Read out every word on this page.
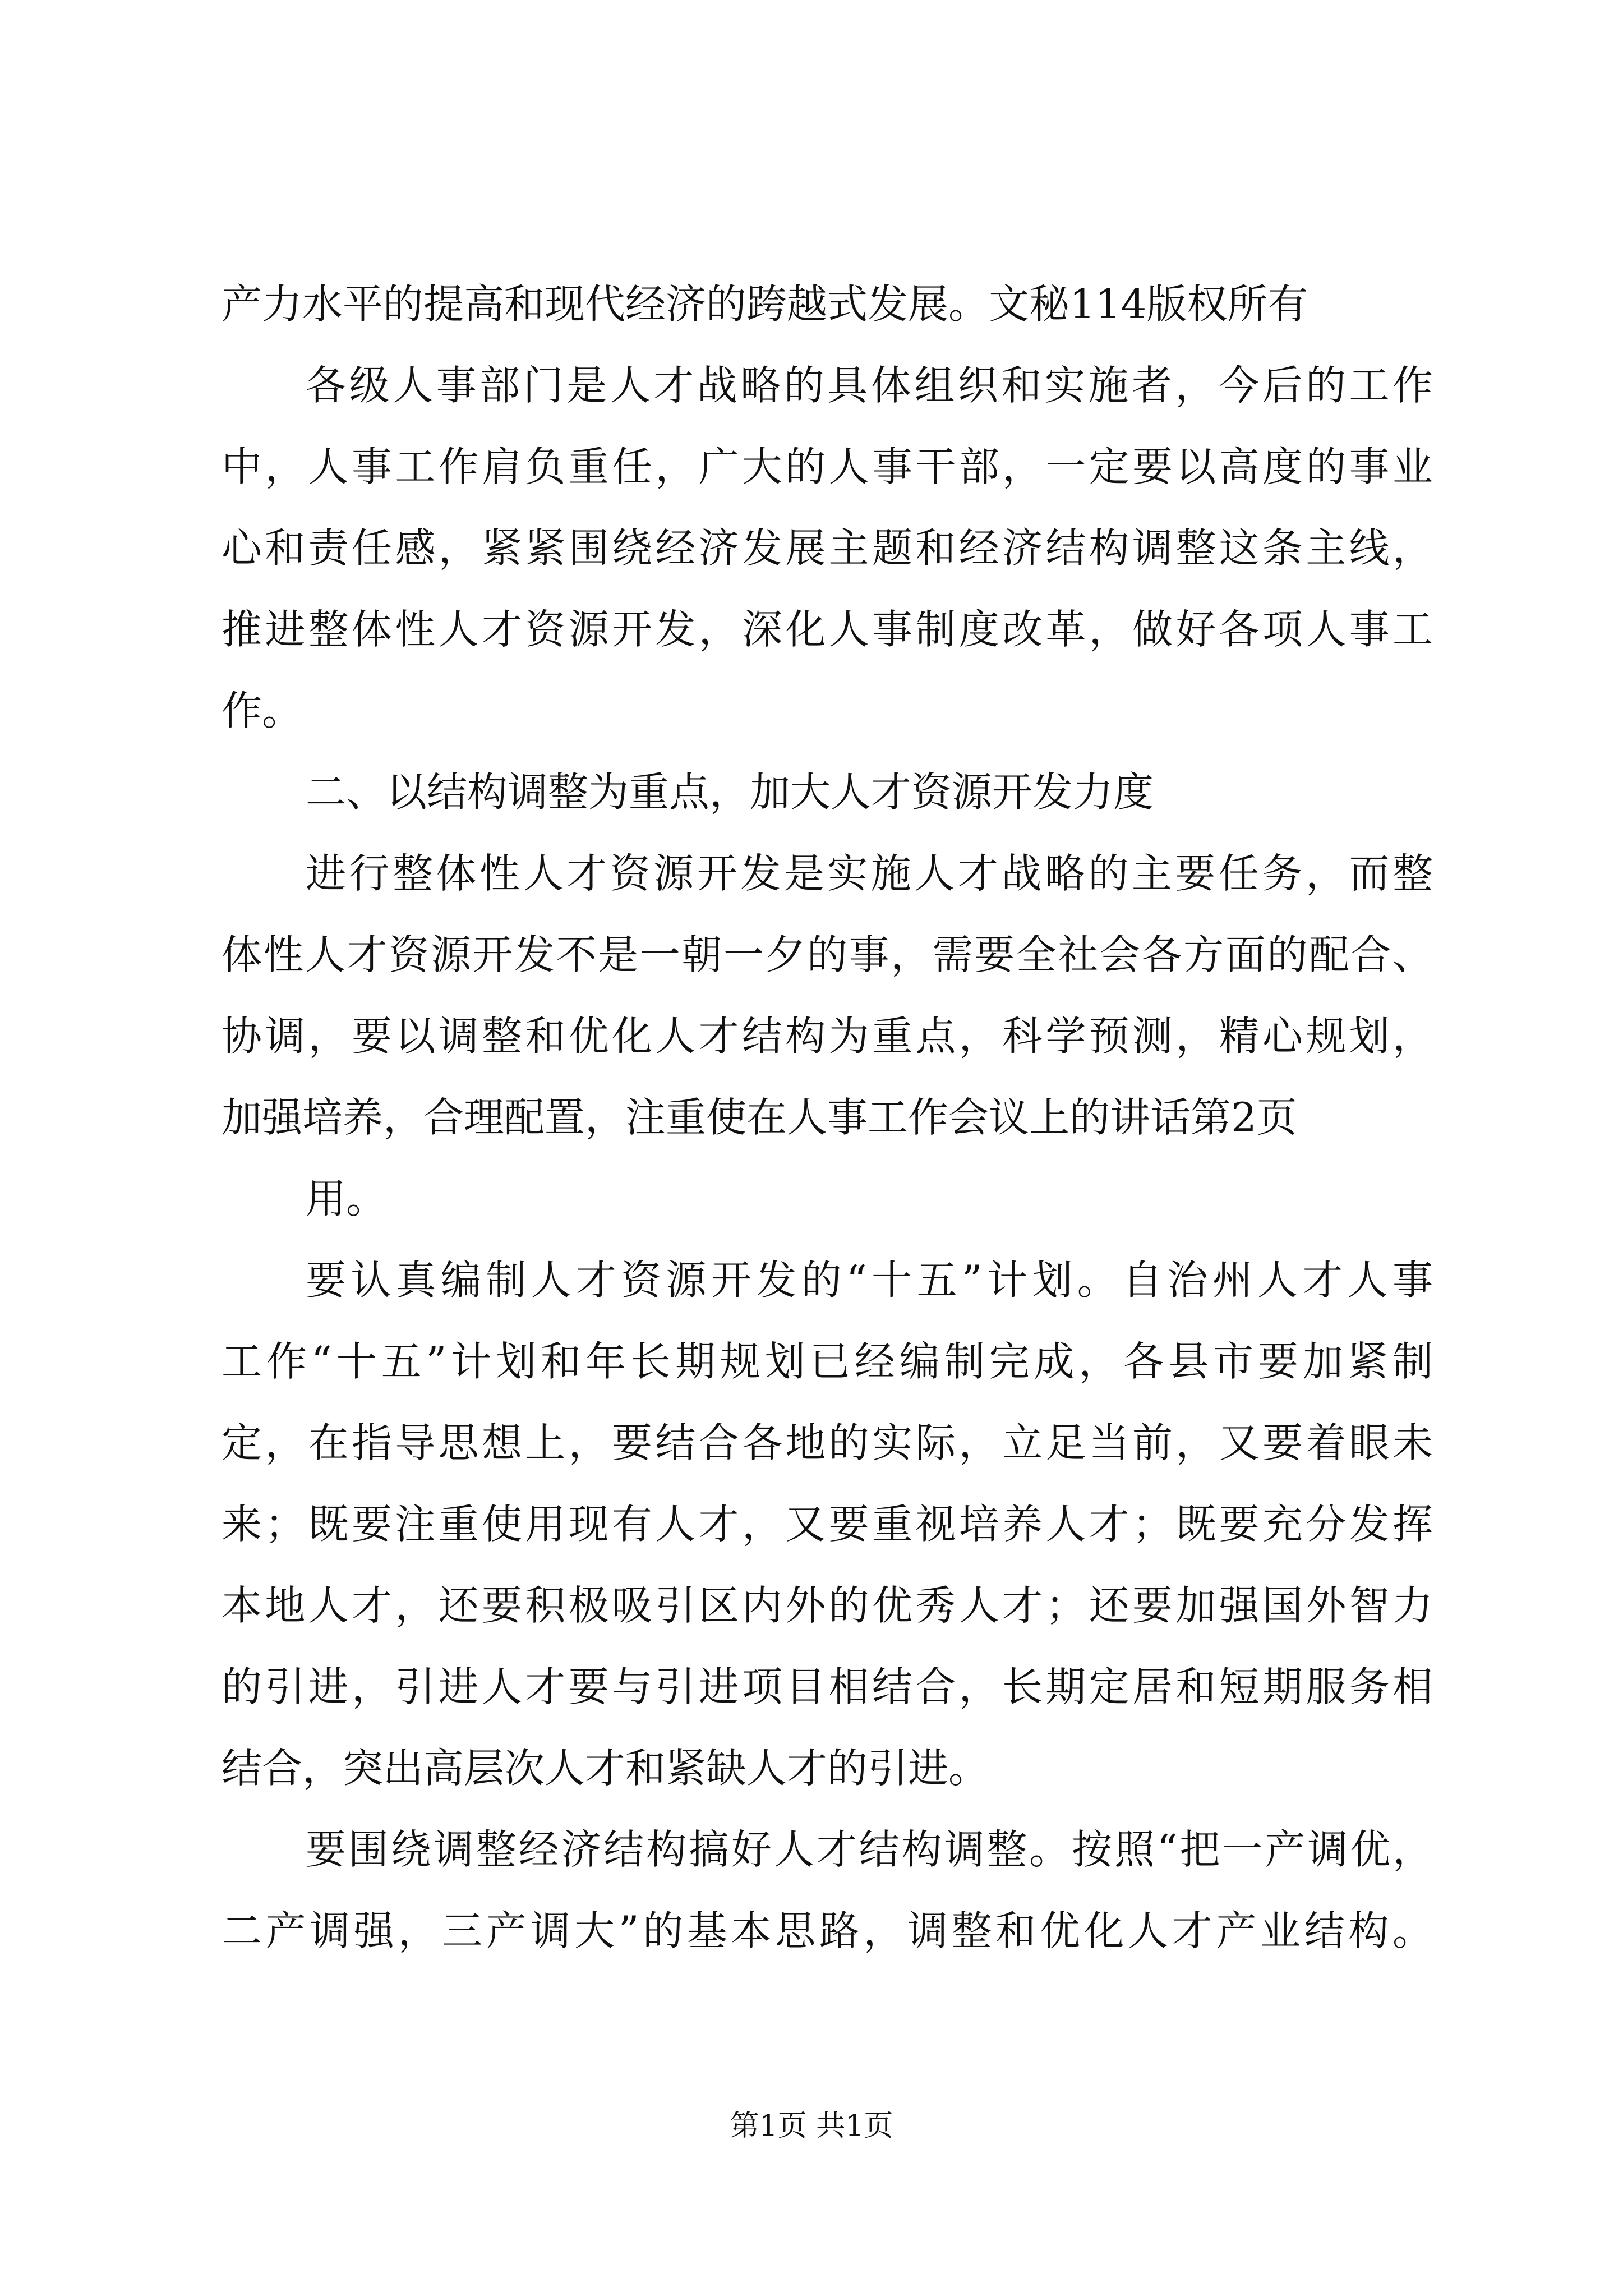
产力水平的提高和现代经济的跨越式发展。文秘114版权所有
各级人事部门是人才战略的具体组织和实施者，今后的工作
中，人事工作肩负重任，广大的人事干部，一定要以高度的事业
心和责任感，紧紧围绕经济发展主题和经济结构调整这条主线，
推进整体性人才资源开发，深化人事制度改革，做好各项人事工
作。
二、以结构调整为重点，加大人才资源开发力度
进行整体性人才资源开发是实施人才战略的主要任务，而整
体性人才资源开发不是一朝一夕的事，需要全社会各方面的配合、
协调，要以调整和优化人才结构为重点，科学预测，精心规划，
加强培养，合理配置，注重使在人事工作会议上的讲话第2页
用。
要认真编制人才资源开发的“十五”计划。自治州人才人事
工作“十五”计划和年长期规划已经编制完成，各县市要加紧制
定，在指导思想上，要结合各地的实际，立足当前，又要着眼未
来；既要注重使用现有人才，又要重视培养人才；既要充分发挥
本地人才，还要积极吸引区内外的优秀人才；还要加强国外智力
的引进，引进人才要与引进项目相结合，长期定居和短期服务相
结合，突出高层次人才和紧缺人才的引进。
要围绕调整经济结构搞好人才结构调整。按照“把一产调优，
二产调强，三产调大”的基本思路，调整和优化人才产业结构。
第1页 共1页
